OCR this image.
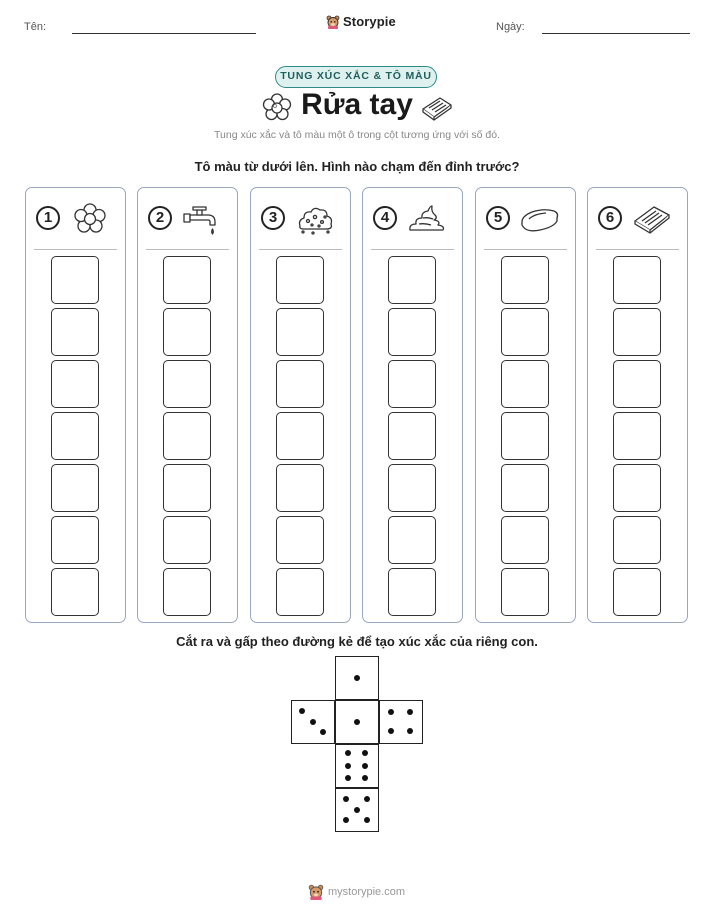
Tên:	Storypie	Ngày:
TUNG XÚC XẮC & TÔ MÀU
Rửa tay
Tung xúc xắc và tô màu một ô trong cột tương ứng với số đó.
Tô màu từ dưới lên. Hình nào chạm đến đỉnh trước?
1	2	3	4	5	6
Cắt ra và gấp theo đường kẻ để tạo xúc xắc của riêng con.
mystorypie.com
